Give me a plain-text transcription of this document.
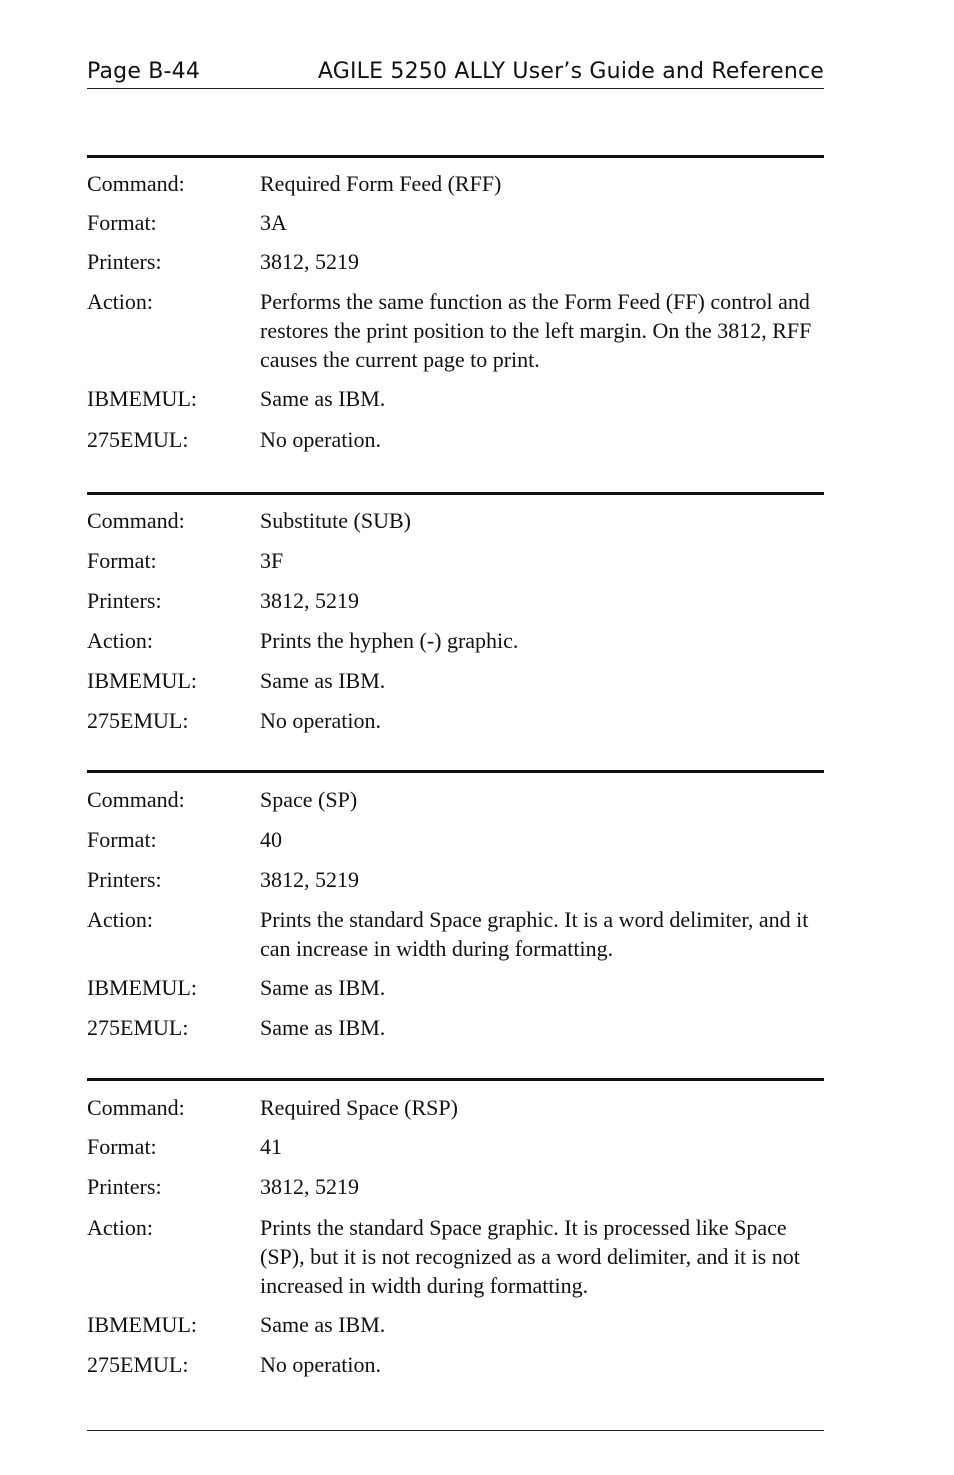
Page B-44	AGILE 5250 ALLY User’s Guide and Reference
Command:	Required Form Feed (RFF)
Format:	3A
Printers:	3812, 5219
Action:	Performs the same function as the Form Feed (FF) control and restores the print position to the left margin. On the 3812, RFF causes the current page to print.
IBMEMUL:	Same as IBM.
275EMUL:	No operation.
Command:	Substitute (SUB)
Format:	3F
Printers:	3812, 5219
Action:	Prints the hyphen (-) graphic.
IBMEMUL:	Same as IBM.
275EMUL:	No operation.
Command:	Space (SP)
Format:	40
Printers:	3812, 5219
Action:	Prints the standard Space graphic. It is a word delimiter, and it can increase in width during formatting.
IBMEMUL:	Same as IBM.
275EMUL:	Same as IBM.
Command:	Required Space (RSP)
Format:	41
Printers:	3812, 5219
Action:	Prints the standard Space graphic. It is processed like Space (SP), but it is not recognized as a word delimiter, and it is not increased in width during formatting.
IBMEMUL:	Same as IBM.
275EMUL:	No operation.
